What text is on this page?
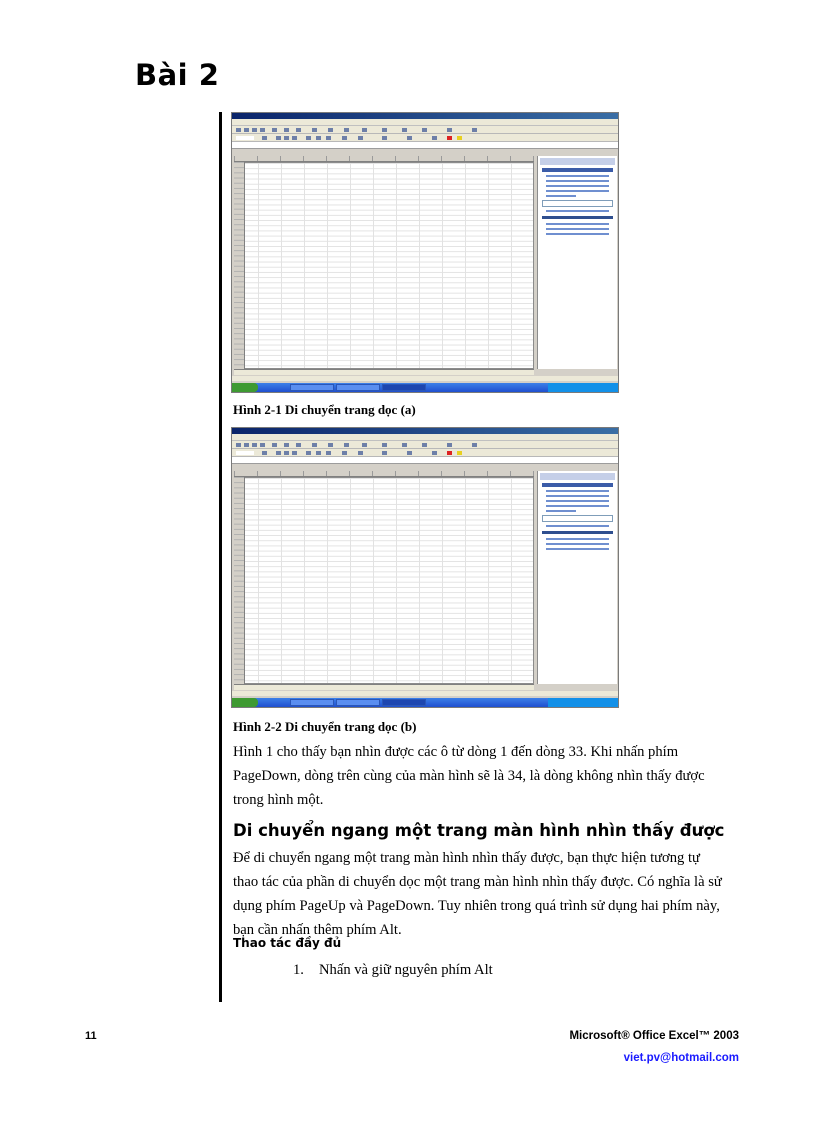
Bài 2
Hình 2-1 Di chuyển trang dọc (a)
Hình 2-2 Di chuyển trang dọc (b)
Hình 1 cho thấy bạn nhìn được các ô từ dòng 1 đến dòng 33. Khi nhấn phím
PageDown, dòng trên cùng của màn hình sẽ là 34, là dòng không nhìn thấy được
trong hình một.
Di chuyển ngang một trang màn hình nhìn thấy được
Để di chuyển ngang một trang màn hình nhìn thấy được, bạn thực hiện tương tự
thao tác của phần di chuyển dọc một trang màn hình nhìn thấy được. Có nghĩa là sử
dụng phím PageUp và PageDown. Tuy nhiên trong quá trình sử dụng hai phím này,
bạn cần nhấn thêm phím Alt.
Thao tác đầy đủ
1. Nhấn và giữ nguyên phím Alt
11	Microsoft® Office Excel™ 2003
viet.pv@hotmail.com
